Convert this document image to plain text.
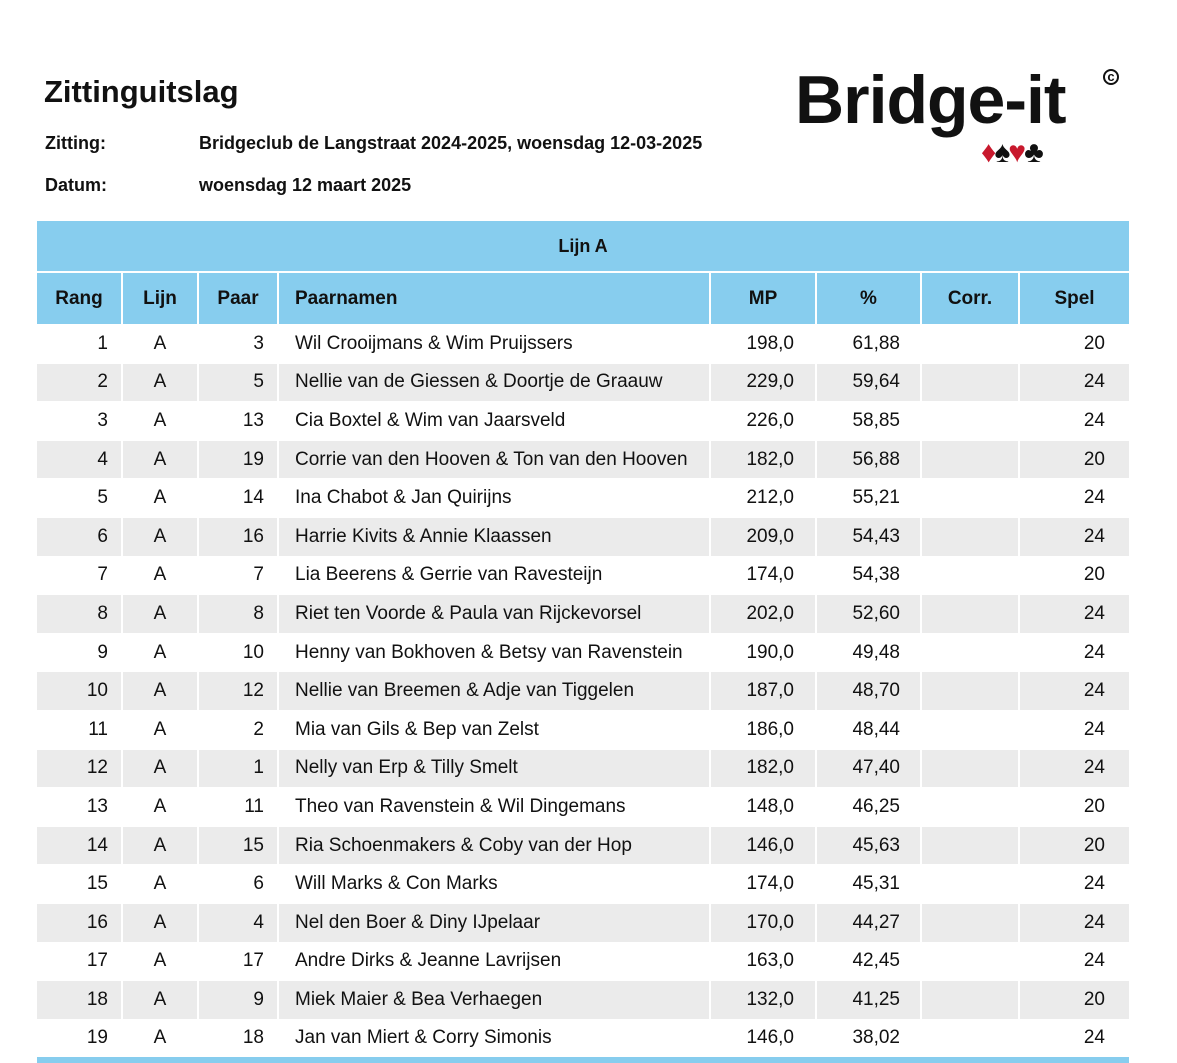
Zittinguitslag
Zitting:	Bridgeclub de Langstraat 2024-2025, woensdag 12-03-2025
Datum:	woensdag 12 maart 2025
Bridge-it	c
♦♠♥♣
Lijn A							
Rang	Lijn	Paar	Paarnamen	MP	%	Corr.	Spel
1	A	3	Wil Crooijmans & Wim Pruijssers	198,0	61,88		20
2	A	5	Nellie van de Giessen & Doortje de Graauw	229,0	59,64		24
3	A	13	Cia Boxtel & Wim van Jaarsveld	226,0	58,85		24
4	A	19	Corrie van den Hooven & Ton van den Hooven	182,0	56,88		20
5	A	14	Ina Chabot & Jan Quirijns	212,0	55,21		24
6	A	16	Harrie Kivits & Annie Klaassen	209,0	54,43		24
7	A	7	Lia Beerens & Gerrie van Ravesteijn	174,0	54,38		20
8	A	8	Riet ten Voorde & Paula van Rijckevorsel	202,0	52,60		24
9	A	10	Henny van Bokhoven & Betsy van Ravenstein	190,0	49,48		24
10	A	12	Nellie van Breemen & Adje van Tiggelen	187,0	48,70		24
11	A	2	Mia van Gils & Bep van Zelst	186,0	48,44		24
12	A	1	Nelly van Erp & Tilly Smelt	182,0	47,40		24
13	A	11	Theo van Ravenstein & Wil Dingemans	148,0	46,25		20
14	A	15	Ria Schoenmakers & Coby van der Hop	146,0	45,63		20
15	A	6	Will Marks & Con Marks	174,0	45,31		24
16	A	4	Nel den Boer & Diny IJpelaar	170,0	44,27		24
17	A	17	Andre Dirks & Jeanne Lavrijsen	163,0	42,45		24
18	A	9	Miek Maier & Bea Verhaegen	132,0	41,25		20
19	A	18	Jan van Miert & Corry Simonis	146,0	38,02		24
